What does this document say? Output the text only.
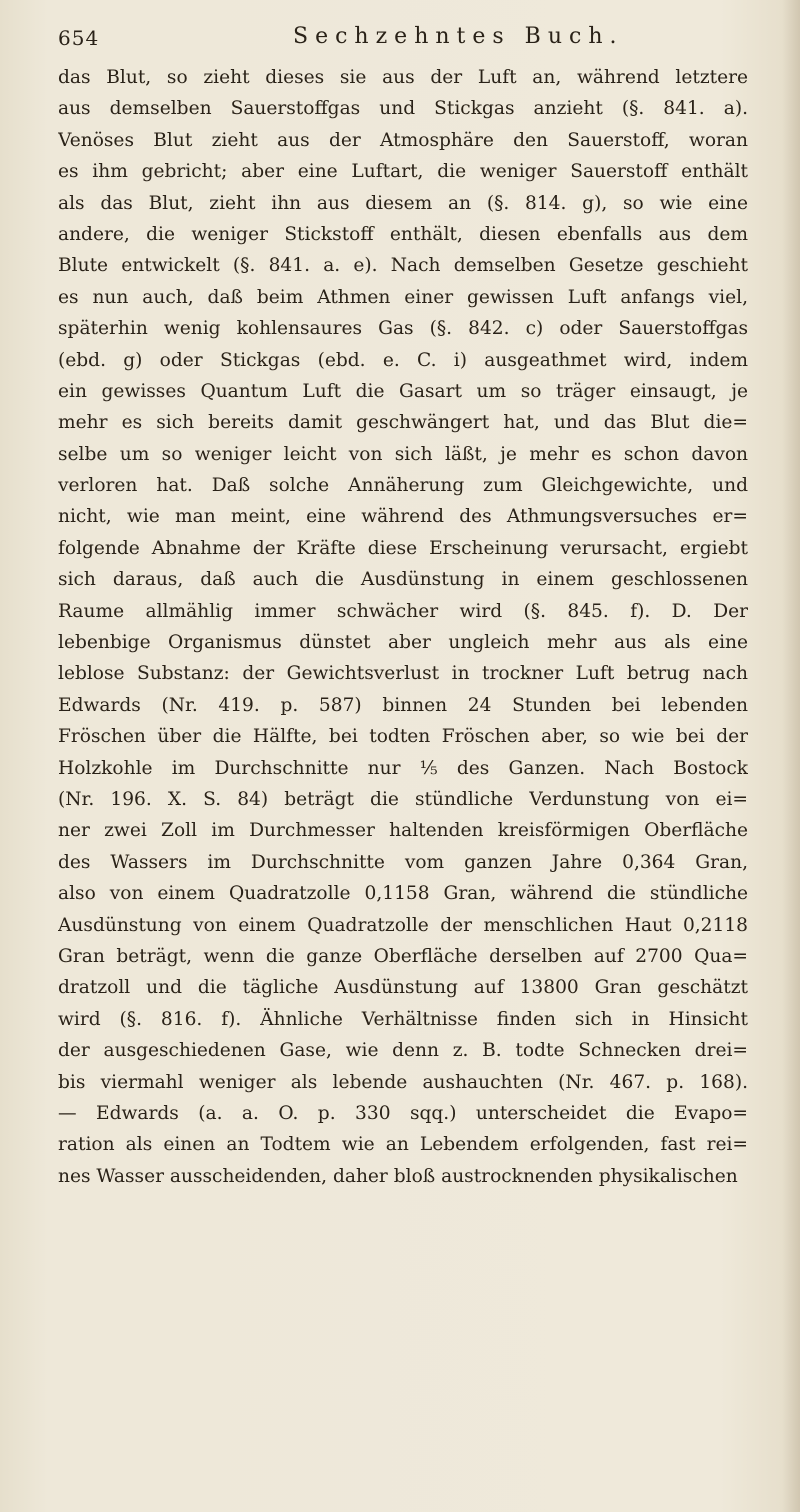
654	Sechzehntes Buch.
das Blut, so zieht dieses sie aus der Luft an, während letztere
aus demselben Sauerstoffgas und Stickgas anzieht (§. 841. a).
Venöses Blut zieht aus der Atmosphäre den Sauerstoff, woran
es ihm gebricht; aber eine Luftart, die weniger Sauerstoff enthält
als das Blut, zieht ihn aus diesem an (§. 814. g), so wie eine
andere, die weniger Stickstoff enthält, diesen ebenfalls aus dem
Blute entwickelt (§. 841. a. e). Nach demselben Gesetze geschieht
es nun auch, daß beim Athmen einer gewissen Luft anfangs viel,
späterhin wenig kohlensaures Gas (§. 842. c) oder Sauerstoffgas
(ebd. g) oder Stickgas (ebd. e. C. i) ausgeathmet wird, indem
ein gewisses Quantum Luft die Gasart um so träger einsaugt, je
mehr es sich bereits damit geschwängert hat, und das Blut die=
selbe um so weniger leicht von sich läßt, je mehr es schon davon
verloren hat. Daß solche Annäherung zum Gleichgewichte, und
nicht, wie man meint, eine während des Athmungsversuches er=
folgende Abnahme der Kräfte diese Erscheinung verursacht, ergiebt
sich daraus, daß auch die Ausdünstung in einem geschlossenen
Raume allmählig immer schwächer wird (§. 845. f). D. Der
lebenbige Organismus dünstet aber ungleich mehr aus als eine
leblose Substanz: der Gewichtsverlust in trockner Luft betrug nach
Edwards (Nr. 419. p. 587) binnen 24 Stunden bei lebenden
Fröschen über die Hälfte, bei todten Fröschen aber, so wie bei der
Holzkohle im Durchschnitte nur ⅕ des Ganzen. Nach Bostock
(Nr. 196. X. S. 84) beträgt die stündliche Verdunstung von ei=
ner zwei Zoll im Durchmesser haltenden kreisförmigen Oberfläche
des Wassers im Durchschnitte vom ganzen Jahre 0,364 Gran,
also von einem Quadratzolle 0,1158 Gran, während die stündliche
Ausdünstung von einem Quadratzolle der menschlichen Haut 0,2118
Gran beträgt, wenn die ganze Oberfläche derselben auf 2700 Qua=
dratzoll und die tägliche Ausdünstung auf 13800 Gran geschätzt
wird (§. 816. f). Ähnliche Verhältnisse finden sich in Hinsicht
der ausgeschiedenen Gase, wie denn z. B. todte Schnecken drei=
bis viermahl weniger als lebende aushauchten (Nr. 467. p. 168).
— Edwards (a. a. O. p. 330 sqq.) unterscheidet die Evapo=
ration als einen an Todtem wie an Lebendem erfolgenden, fast rei=
nes Wasser ausscheidenden, daher bloß austrocknenden physikalischen
